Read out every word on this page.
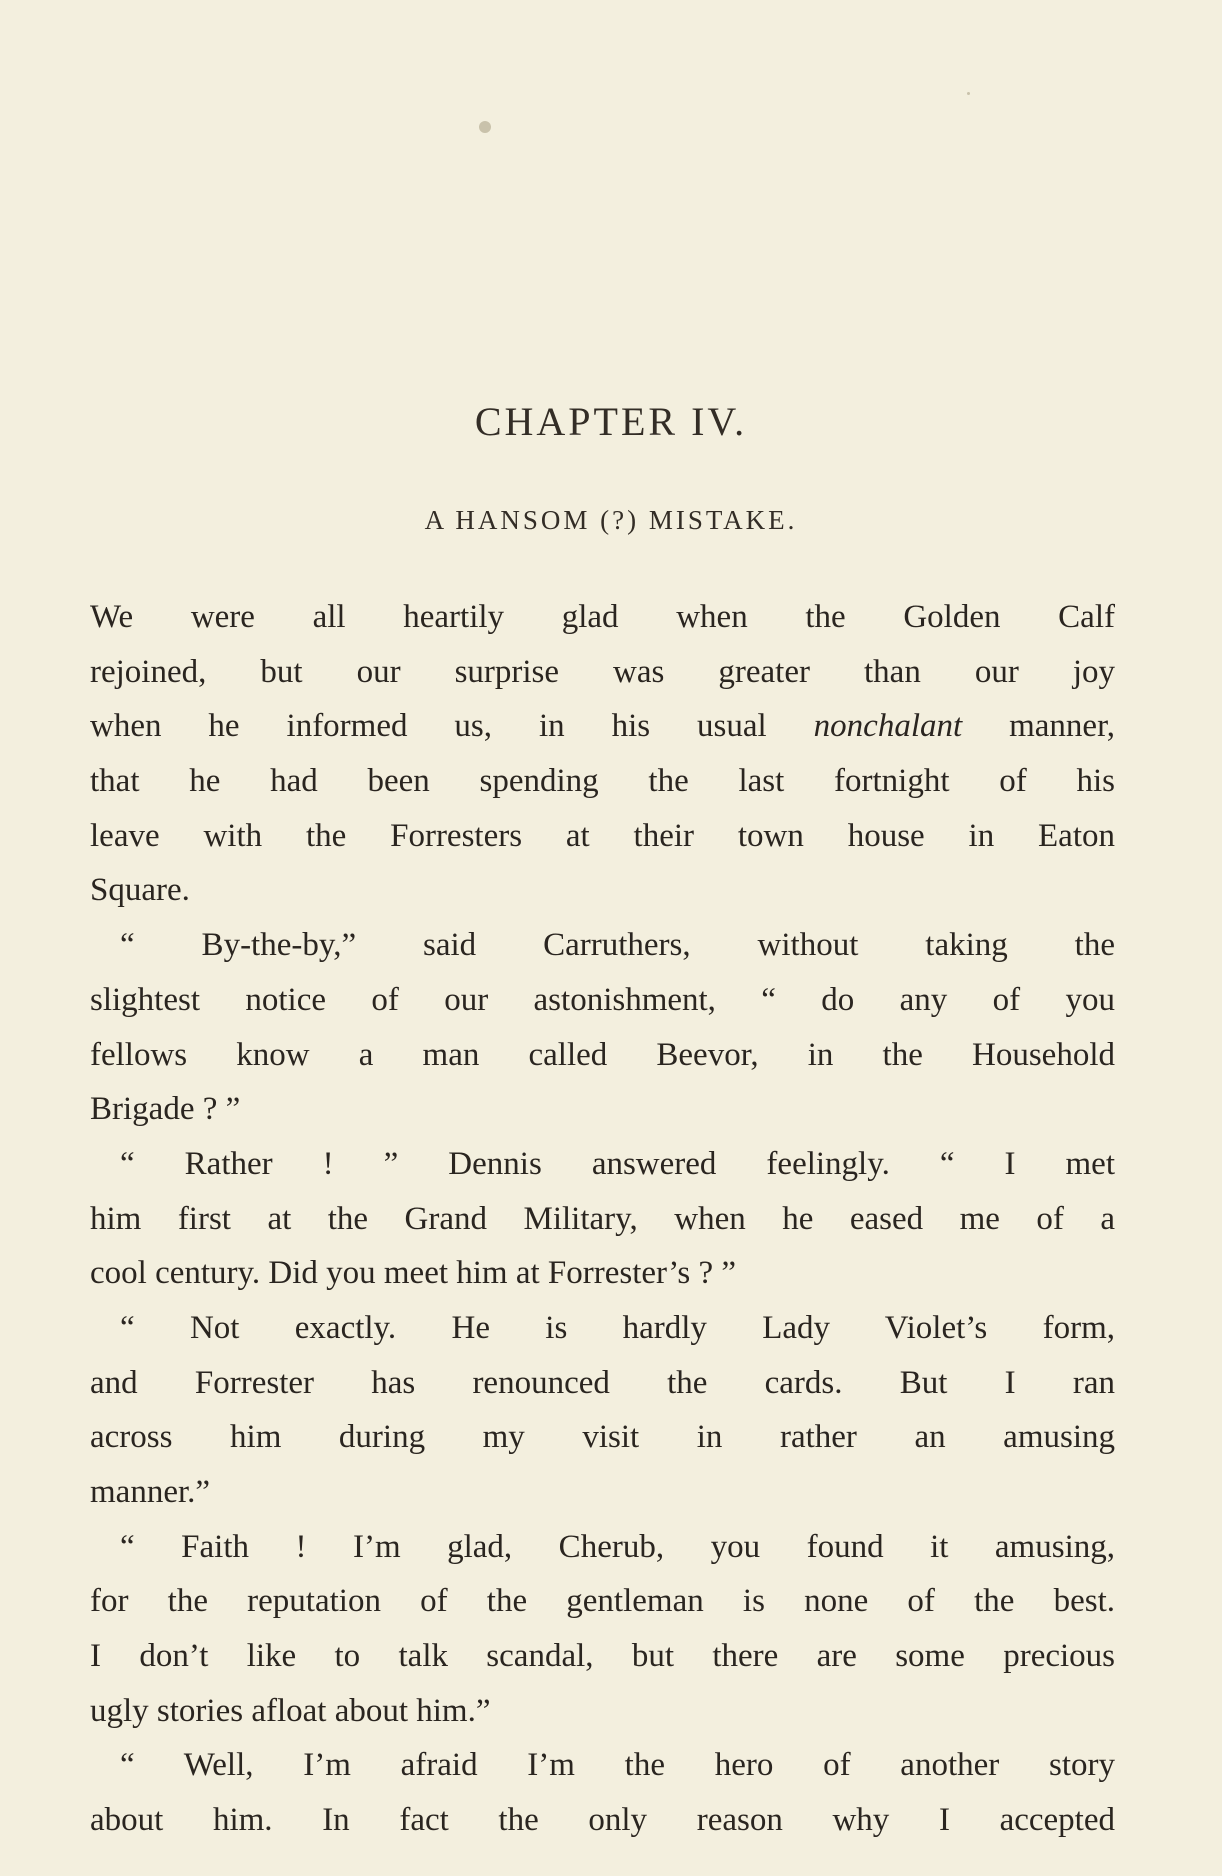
CHAPTER IV.
A HANSOM (?) MISTAKE.
We were all heartily glad when the Golden Calf
rejoined, but our surprise was greater than our joy
when he informed us, in his usual nonchalant manner,
that he had been spending the last fortnight of his
leave with the Forresters at their town house in Eaton
Square.
“ By-the-by,” said Carruthers, without taking the
slightest notice of our astonishment, “ do any of you
fellows know a man called Beevor, in the Household
Brigade ? ”
“ Rather ! ” Dennis answered feelingly. “ I met
him first at the Grand Military, when he eased me of a
cool century. Did you meet him at Forrester’s ? ”
“ Not exactly. He is hardly Lady Violet’s form,
and Forrester has renounced the cards. But I ran
across him during my visit in rather an amusing
manner.”
“ Faith ! I’m glad, Cherub, you found it amusing,
for the reputation of the gentleman is none of the best.
I don’t like to talk scandal, but there are some precious
ugly stories afloat about him.”
“ Well, I’m afraid I’m the hero of another story
about him. In fact the only reason why I accepted
